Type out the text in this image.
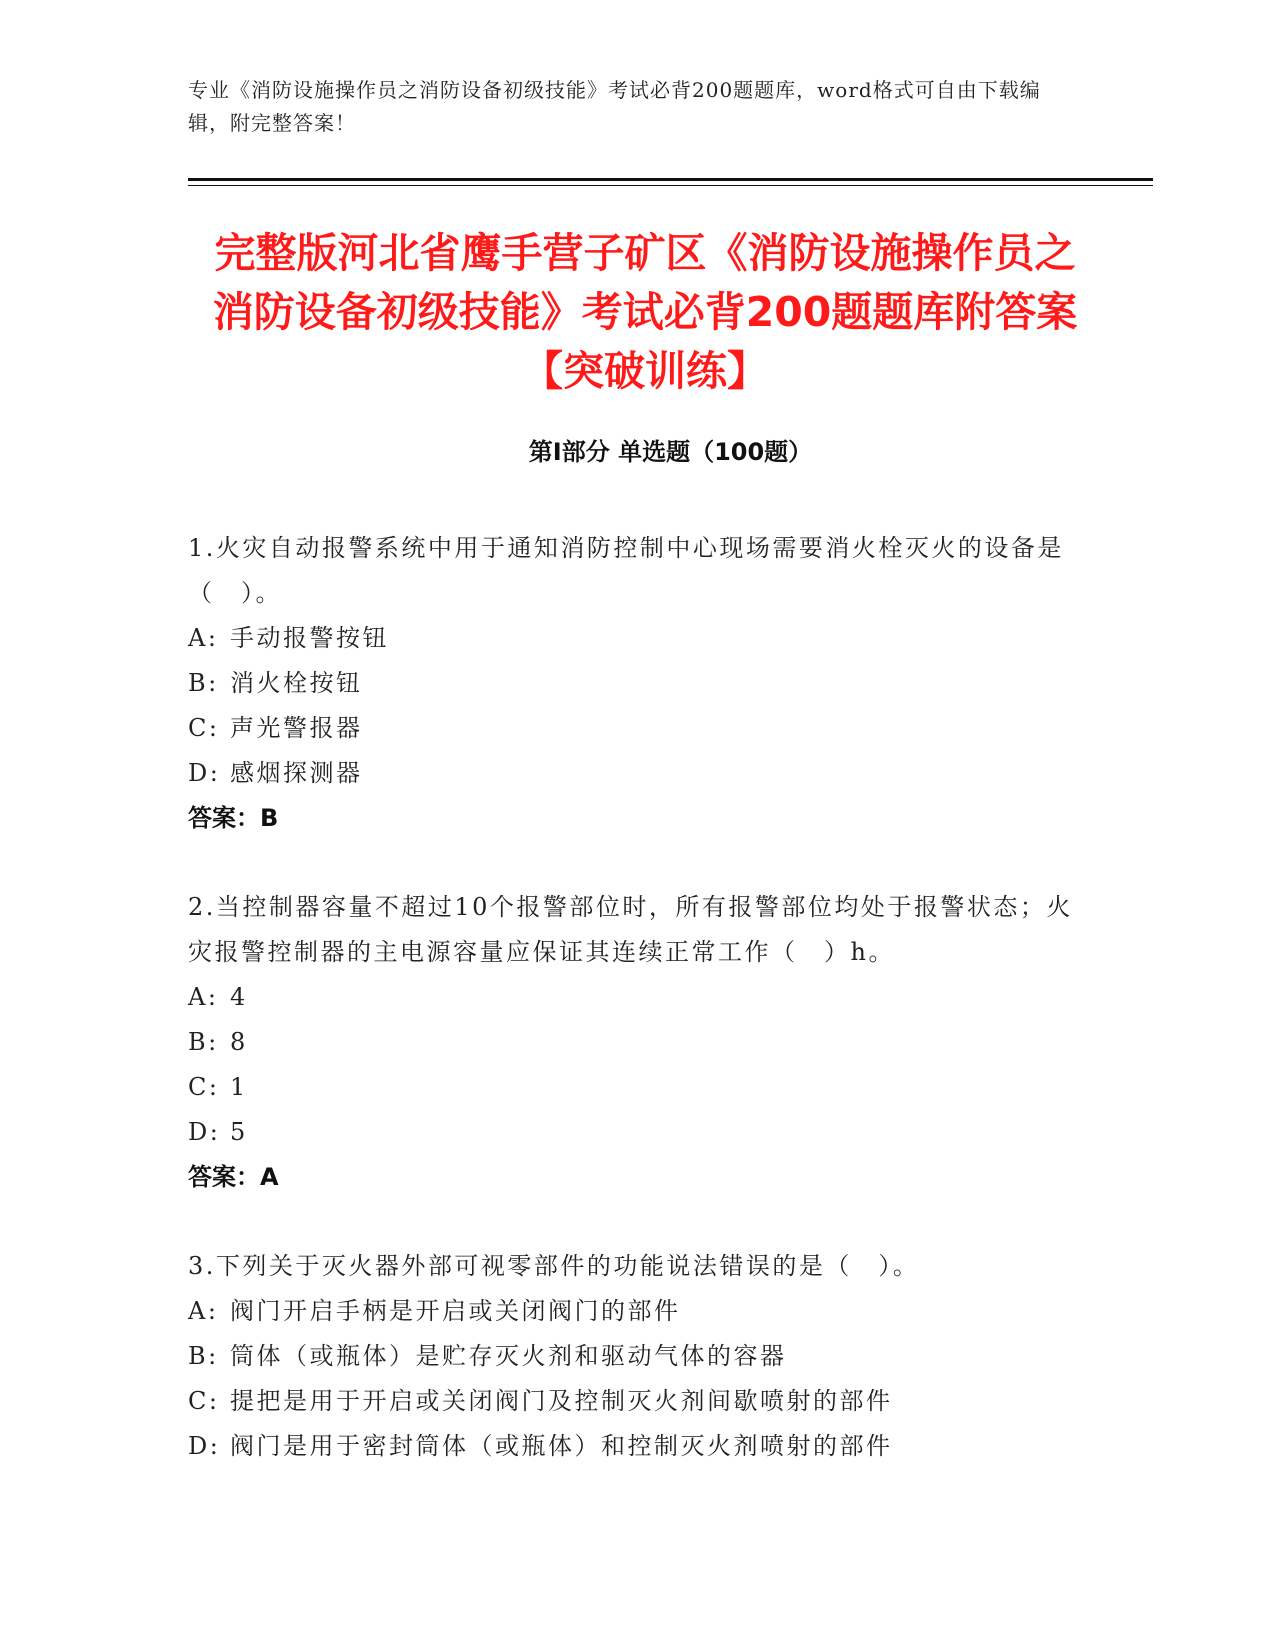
专业《消防设施操作员之消防设备初级技能》考试必背200题题库，word格式可自由下载编辑，附完整答案！
完整版河北省鹰手营子矿区《消防设施操作员之消防设备初级技能》考试必背200题题库附答案【突破训练】
第I部分 单选题（100题）

1.火灾自动报警系统中用于通知消防控制中心现场需要消火栓灭火的设备是（　）。

A: 手动报警按钮

B: 消火栓按钮

C: 声光警报器

D: 感烟探测器

答案：B

2.当控制器容量不超过10个报警部位时，所有报警部位均处于报警状态；火灾报警控制器的主电源容量应保证其连续正常工作（　）h。

A: 4

B: 8

C: 1

D: 5

答案：A

3.下列关于灭火器外部可视零部件的功能说法错误的是（　）。

A: 阀门开启手柄是开启或关闭阀门的部件

B: 筒体（或瓶体）是贮存灭火剂和驱动气体的容器

C: 提把是用于开启或关闭阀门及控制灭火剂间歇喷射的部件

D: 阀门是用于密封筒体（或瓶体）和控制灭火剂喷射的部件
